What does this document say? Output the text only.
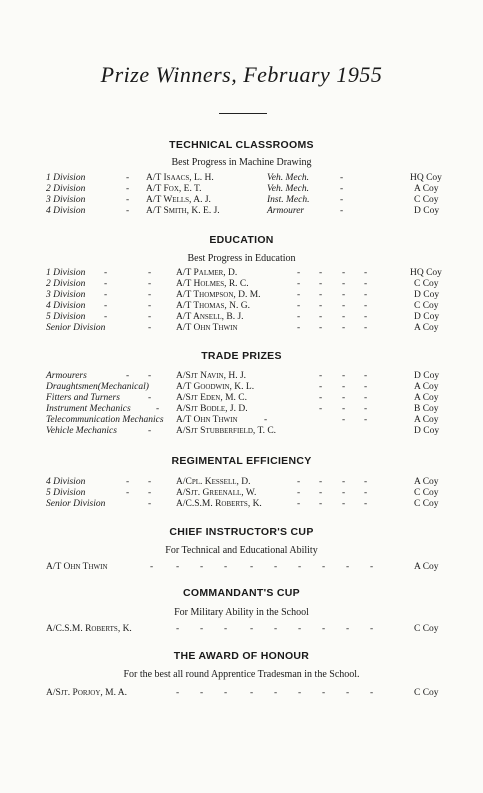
Prize Winners, February 1955
TECHNICAL CLASSROOMS
Best Progress in Machine Drawing
1 Division	- A/T Isaacs, L. H.	Veh. Mech.	-	HQ Coy
2 Division	- A/T Fox, E. T.	Veh. Mech.	-	A Coy
3 Division	- A/T Wells, A. J.	Inst. Mech.	-	C Coy
4 Division	- A/T Smith, K. E. J.	Armourer	-	D Coy
EDUCATION
Best Progress in Education
1 Division -	-	A/T Palmer, D.	- - - -	HQ Coy
2 Division -	-	A/T Holmes, R. C.	- - - -	C Coy
3 Division -	-	A/T Thompson, D. M.	- - - -	D Coy
4 Division -	-	A/T Thomas, N. G.	- - - -	C Coy
5 Division -	-	A/T Ansell, B. J.	- - - -	D Coy
Senior Division	-	A/T Ohn Thwin	- - - -	A Coy
TRADE PRIZES
Armourers	- -	A/Sjt Navin, H. J.	- - -	D Coy
Draughtsmen(Mechanical)	A/T Goodwin, K. L.	- - -	A Coy
Fitters and Turners	-	A/Sjt Eden, M. C.	- - -	A Coy
Instrument Mechanics	- A/Sjt Bodle, J. D.	- - -	B Coy
Telecommunication Mechanics A/T Ohn Thwin	-	- -	A Coy
Vehicle Mechanics	-	A/Sjt Stubberfield, T. C.	D Coy
REGIMENTAL EFFICIENCY
4 Division	- -	A/Cpl. Kessell, D.	- - - -	A Coy
5 Division	- -	A/Sjt. Greenall, W.	- - - -	C Coy
Senior Division	-	A/C.S.M. Roberts, K.	- - - -	C Coy
CHIEF INSTRUCTOR'S CUP
For Technical and Educational Ability
A/T Ohn Thwin	- - - - - - - - - -	A Coy
COMMANDANT'S CUP
For Military Ability in the School
A/C.S.M. Roberts, K.	- - - - - - - - -	C Coy
THE AWARD OF HONOUR
For the best all round Apprentice Tradesman in the School.
A/Sjt. Porjoy, M. A.	- - - - - - - - -	C Coy
